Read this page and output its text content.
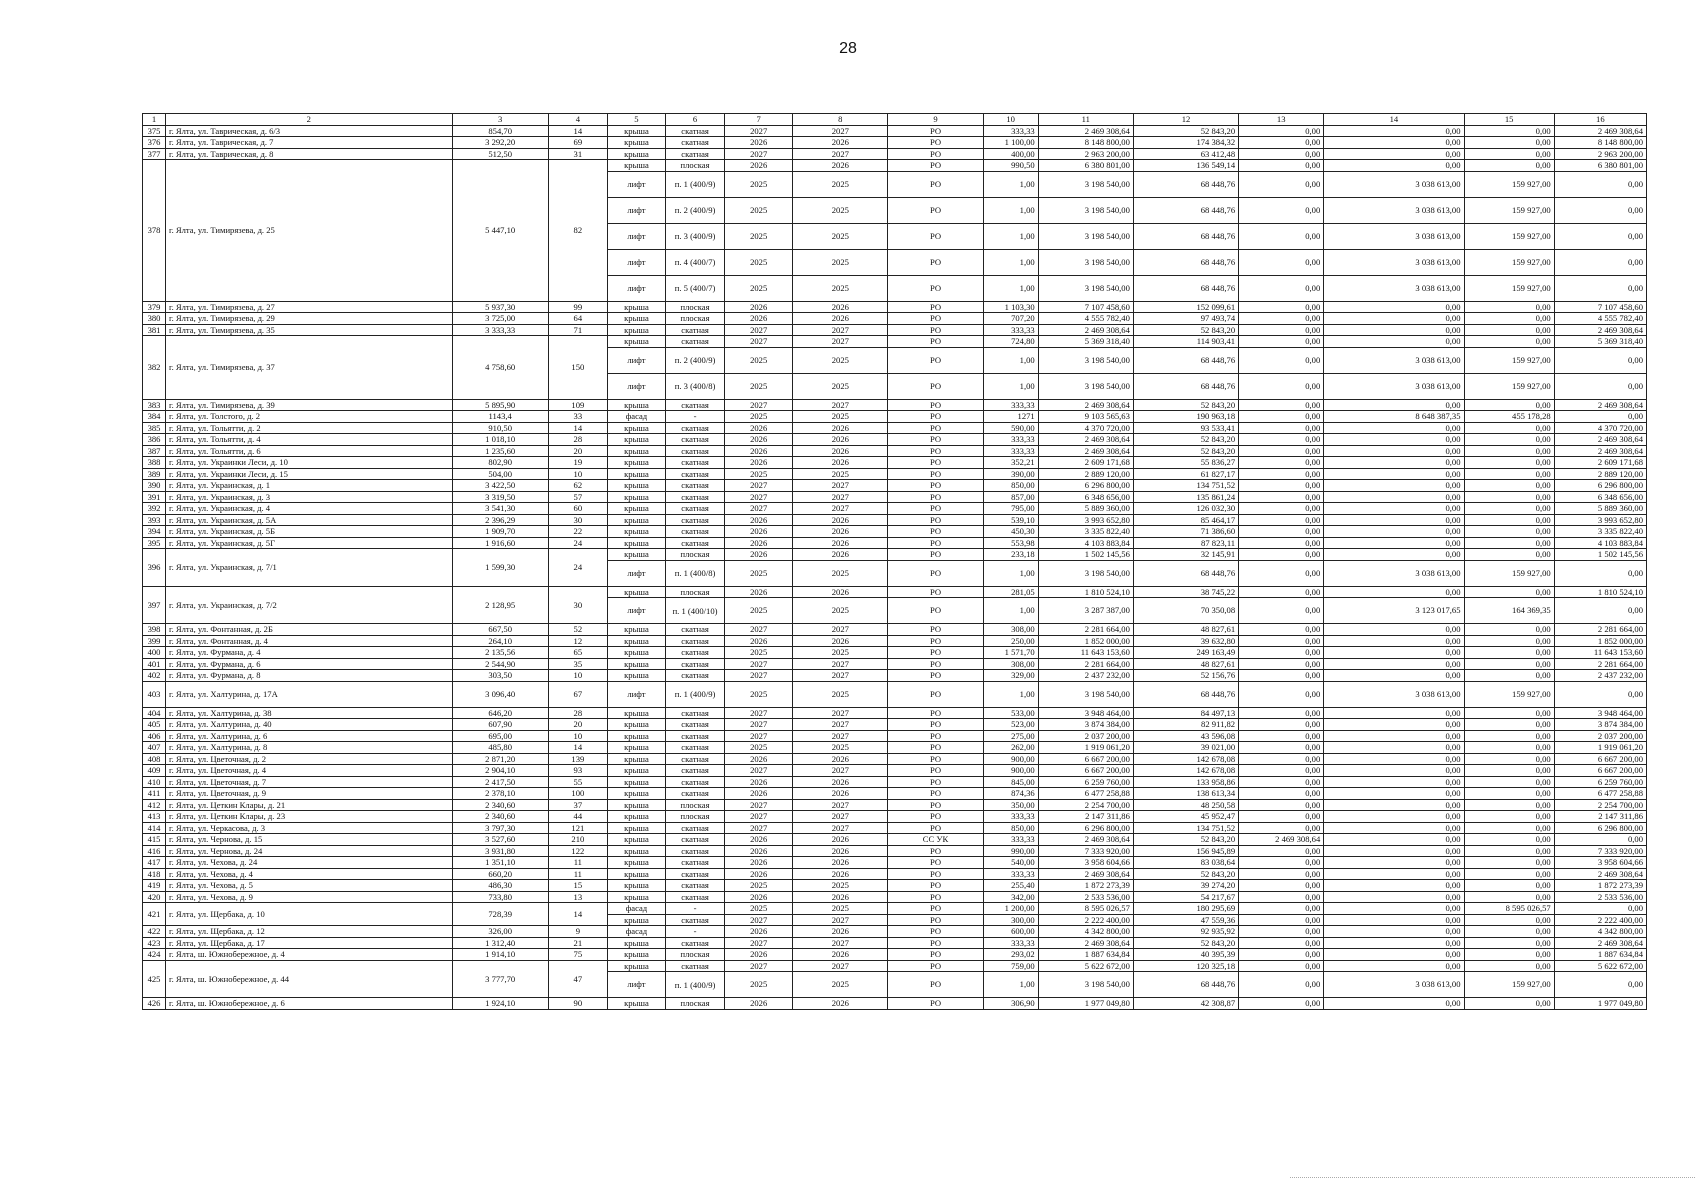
28
1	2	3	4	5	6	7	8	9	10	11	12	13	14	15	16
375	г. Ялта, ул. Таврическая, д. 6/3	854,70	14	крыша	скатная	2027	2027	РО	333,33	2 469 308,64	52 843,20	0,00	0,00	0,00	2 469 308,64
376	г. Ялта, ул. Таврическая, д. 7	3 292,20	69	крыша	скатная	2026	2026	РО	1 100,00	8 148 800,00	174 384,32	0,00	0,00	0,00	8 148 800,00
377	г. Ялта, ул. Таврическая, д. 8	512,50	31	крыша	скатная	2027	2027	РО	400,00	2 963 200,00	63 412,48	0,00	0,00	0,00	2 963 200,00
378	г. Ялта, ул. Тимирязева, д. 25	5 447,10	82	крыша	плоская	2026	2026	РО	990,50	6 380 801,00	136 549,14	0,00	0,00	0,00	6 380 801,00
				лифт	п. 1 (400/9)	2025	2025	РО	1,00	3 198 540,00	68 448,76	0,00	3 038 613,00	159 927,00	0,00
				лифт	п. 2 (400/9)	2025	2025	РО	1,00	3 198 540,00	68 448,76	0,00	3 038 613,00	159 927,00	0,00
				лифт	п. 3 (400/9)	2025	2025	РО	1,00	3 198 540,00	68 448,76	0,00	3 038 613,00	159 927,00	0,00
				лифт	п. 4 (400/7)	2025	2025	РО	1,00	3 198 540,00	68 448,76	0,00	3 038 613,00	159 927,00	0,00
				лифт	п. 5 (400/7)	2025	2025	РО	1,00	3 198 540,00	68 448,76	0,00	3 038 613,00	159 927,00	0,00
379	г. Ялта, ул. Тимирязева, д. 27	5 937,30	99	крыша	плоская	2026	2026	РО	1 103,30	7 107 458,60	152 099,61	0,00	0,00	0,00	7 107 458,60
380	г. Ялта, ул. Тимирязева, д. 29	3 725,00	64	крыша	плоская	2026	2026	РО	707,20	4 555 782,40	97 493,74	0,00	0,00	0,00	4 555 782,40
381	г. Ялта, ул. Тимирязева, д. 35	3 333,33	71	крыша	скатная	2027	2027	РО	333,33	2 469 308,64	52 843,20	0,00	0,00	0,00	2 469 308,64
382	г. Ялта, ул. Тимирязева, д. 37	4 758,60	150	крыша	скатная	2027	2027	РО	724,80	5 369 318,40	114 903,41	0,00	0,00	0,00	5 369 318,40
				лифт	п. 2 (400/9)	2025	2025	РО	1,00	3 198 540,00	68 448,76	0,00	3 038 613,00	159 927,00	0,00
				лифт	п. 3 (400/8)	2025	2025	РО	1,00	3 198 540,00	68 448,76	0,00	3 038 613,00	159 927,00	0,00
383	г. Ялта, ул. Тимирязева, д. 39	5 895,90	109	крыша	скатная	2027	2027	РО	333,33	2 469 308,64	52 843,20	0,00	0,00	0,00	2 469 308,64
384	г. Ялта, ул. Толстого, д. 2	1143,4	33	фасад	-	2025	2025	РО	1271	9 103 565,63	190 963,18	0,00	8 648 387,35	455 178,28	0,00
385	г. Ялта, ул. Тольятти, д. 2	910,50	14	крыша	скатная	2026	2026	РО	590,00	4 370 720,00	93 533,41	0,00	0,00	0,00	4 370 720,00
386	г. Ялта, ул. Тольятти, д. 4	1 018,10	28	крыша	скатная	2026	2026	РО	333,33	2 469 308,64	52 843,20	0,00	0,00	0,00	2 469 308,64
387	г. Ялта, ул. Тольятти, д. 6	1 235,60	20	крыша	скатная	2026	2026	РО	333,33	2 469 308,64	52 843,20	0,00	0,00	0,00	2 469 308,64
388	г. Ялта, ул. Украинки Леси, д. 10	802,90	19	крыша	скатная	2026	2026	РО	352,21	2 609 171,68	55 836,27	0,00	0,00	0,00	2 609 171,68
389	г. Ялта, ул. Украинки Леси, д. 15	504,00	10	крыша	скатная	2025	2025	РО	390,00	2 889 120,00	61 827,17	0,00	0,00	0,00	2 889 120,00
390	г. Ялта, ул. Украинская, д. 1	3 422,50	62	крыша	скатная	2027	2027	РО	850,00	6 296 800,00	134 751,52	0,00	0,00	0,00	6 296 800,00
391	г. Ялта, ул. Украинская, д. 3	3 319,50	57	крыша	скатная	2027	2027	РО	857,00	6 348 656,00	135 861,24	0,00	0,00	0,00	6 348 656,00
392	г. Ялта, ул. Украинская, д. 4	3 541,30	60	крыша	скатная	2027	2027	РО	795,00	5 889 360,00	126 032,30	0,00	0,00	0,00	5 889 360,00
393	г. Ялта, ул. Украинская, д. 5А	2 396,29	30	крыша	скатная	2026	2026	РО	539,10	3 993 652,80	85 464,17	0,00	0,00	0,00	3 993 652,80
394	г. Ялта, ул. Украинская, д. 5Б	1 909,70	22	крыша	скатная	2026	2026	РО	450,30	3 335 822,40	71 386,60	0,00	0,00	0,00	3 335 822,40
395	г. Ялта, ул. Украинская, д. 5Г	1 916,60	24	крыша	скатная	2026	2026	РО	553,98	4 103 883,84	87 823,11	0,00	0,00	0,00	4 103 883,84
396	г. Ялта, ул. Украинская, д. 7/1	1 599,30	24	крыша	плоская	2026	2026	РО	233,18	1 502 145,56	32 145,91	0,00	0,00	0,00	1 502 145,56
				лифт	п. 1 (400/8)	2025	2025	РО	1,00	3 198 540,00	68 448,76	0,00	3 038 613,00	159 927,00	0,00
397	г. Ялта, ул. Украинская, д. 7/2	2 128,95	30	крыша	плоская	2026	2026	РО	281,05	1 810 524,10	38 745,22	0,00	0,00	0,00	1 810 524,10
				лифт	п. 1 (400/10)	2025	2025	РО	1,00	3 287 387,00	70 350,08	0,00	3 123 017,65	164 369,35	0,00
398	г. Ялта, ул. Фонтанная, д. 2Б	667,50	52	крыша	скатная	2027	2027	РО	308,00	2 281 664,00	48 827,61	0,00	0,00	0,00	2 281 664,00
399	г. Ялта, ул. Фонтанная, д. 4	264,10	12	крыша	скатная	2026	2026	РО	250,00	1 852 000,00	39 632,80	0,00	0,00	0,00	1 852 000,00
400	г. Ялта, ул. Фурмана, д. 4	2 135,56	65	крыша	скатная	2025	2025	РО	1 571,70	11 643 153,60	249 163,49	0,00	0,00	0,00	11 643 153,60
401	г. Ялта, ул. Фурмана, д. 6	2 544,90	35	крыша	скатная	2027	2027	РО	308,00	2 281 664,00	48 827,61	0,00	0,00	0,00	2 281 664,00
402	г. Ялта, ул. Фурмана, д. 8	303,50	10	крыша	скатная	2027	2027	РО	329,00	2 437 232,00	52 156,76	0,00	0,00	0,00	2 437 232,00
403	г. Ялта, ул. Халтурина, д. 17А	3 096,40	67	лифт	п. 1 (400/9)	2025	2025	РО	1,00	3 198 540,00	68 448,76	0,00	3 038 613,00	159 927,00	0,00
404	г. Ялта, ул. Халтурина, д. 38	646,20	28	крыша	скатная	2027	2027	РО	533,00	3 948 464,00	84 497,13	0,00	0,00	0,00	3 948 464,00
405	г. Ялта, ул. Халтурина, д. 40	607,90	20	крыша	скатная	2027	2027	РО	523,00	3 874 384,00	82 911,82	0,00	0,00	0,00	3 874 384,00
406	г. Ялта, ул. Халтурина, д. 6	695,00	10	крыша	скатная	2027	2027	РО	275,00	2 037 200,00	43 596,08	0,00	0,00	0,00	2 037 200,00
407	г. Ялта, ул. Халтурина, д. 8	485,80	14	крыша	скатная	2025	2025	РО	262,00	1 919 061,20	39 021,00	0,00	0,00	0,00	1 919 061,20
408	г. Ялта, ул. Цветочная, д. 2	2 871,20	139	крыша	скатная	2026	2026	РО	900,00	6 667 200,00	142 678,08	0,00	0,00	0,00	6 667 200,00
409	г. Ялта, ул. Цветочная, д. 4	2 904,10	93	крыша	скатная	2027	2027	РО	900,00	6 667 200,00	142 678,08	0,00	0,00	0,00	6 667 200,00
410	г. Ялта, ул. Цветочная, д. 7	2 417,50	55	крыша	скатная	2026	2026	РО	845,00	6 259 760,00	133 958,86	0,00	0,00	0,00	6 259 760,00
411	г. Ялта, ул. Цветочная, д. 9	2 378,10	100	крыша	скатная	2026	2026	РО	874,36	6 477 258,88	138 613,34	0,00	0,00	0,00	6 477 258,88
412	г. Ялта, ул. Цеткин Клары, д. 21	2 340,60	37	крыша	плоская	2027	2027	РО	350,00	2 254 700,00	48 250,58	0,00	0,00	0,00	2 254 700,00
413	г. Ялта, ул. Цеткин Клары, д. 23	2 340,60	44	крыша	плоская	2027	2027	РО	333,33	2 147 311,86	45 952,47	0,00	0,00	0,00	2 147 311,86
414	г. Ялта, ул. Черкасова, д. 3	3 797,30	121	крыша	скатная	2027	2027	РО	850,00	6 296 800,00	134 751,52	0,00	0,00	0,00	6 296 800,00
415	г. Ялта, ул. Чернова, д. 15	3 527,60	210	крыша	скатная	2026	2026	СС УК	333,33	2 469 308,64	52 843,20	2 469 308,64	0,00	0,00	0,00
416	г. Ялта, ул. Чернова, д. 24	3 931,80	122	крыша	скатная	2026	2026	РО	990,00	7 333 920,00	156 945,89	0,00	0,00	0,00	7 333 920,00
417	г. Ялта, ул. Чехова, д. 24	1 351,10	11	крыша	скатная	2026	2026	РО	540,00	3 958 604,66	83 038,64	0,00	0,00	0,00	3 958 604,66
418	г. Ялта, ул. Чехова, д. 4	660,20	11	крыша	скатная	2026	2026	РО	333,33	2 469 308,64	52 843,20	0,00	0,00	0,00	2 469 308,64
419	г. Ялта, ул. Чехова, д. 5	486,30	15	крыша	скатная	2025	2025	РО	255,40	1 872 273,39	39 274,20	0,00	0,00	0,00	1 872 273,39
420	г. Ялта, ул. Чехова, д. 9	733,80	13	крыша	скатная	2026	2026	РО	342,00	2 533 536,00	54 217,67	0,00	0,00	0,00	2 533 536,00
421	г. Ялта, ул. Щербака, д. 10	728,39	14	фасад	-	2025	2025	РО	1 200,00	8 595 026,57	180 295,69	0,00	0,00	8 595 026,57	0,00
				крыша	скатная	2027	2027	РО	300,00	2 222 400,00	47 559,36	0,00	0,00	0,00	2 222 400,00
422	г. Ялта, ул. Щербака, д. 12	326,00	9	фасад	-	2026	2026	РО	600,00	4 342 800,00	92 935,92	0,00	0,00	0,00	4 342 800,00
423	г. Ялта, ул. Щербака, д. 17	1 312,40	21	крыша	скатная	2027	2027	РО	333,33	2 469 308,64	52 843,20	0,00	0,00	0,00	2 469 308,64
424	г. Ялта, ш. Южнобережное, д. 4	1 914,10	75	крыша	плоская	2026	2026	РО	293,02	1 887 634,84	40 395,39	0,00	0,00	0,00	1 887 634,84
425	г. Ялта, ш. Южнобережное, д. 44	3 777,70	47	крыша	скатная	2027	2027	РО	759,00	5 622 672,00	120 325,18	0,00	0,00	0,00	5 622 672,00
				лифт	п. 1 (400/9)	2025	2025	РО	1,00	3 198 540,00	68 448,76	0,00	3 038 613,00	159 927,00	0,00
426	г. Ялта, ш. Южнобережное, д. 6	1 924,10	90	крыша	плоская	2026	2026	РО	306,90	1 977 049,80	42 308,87	0,00	0,00	0,00	1 977 049,80
